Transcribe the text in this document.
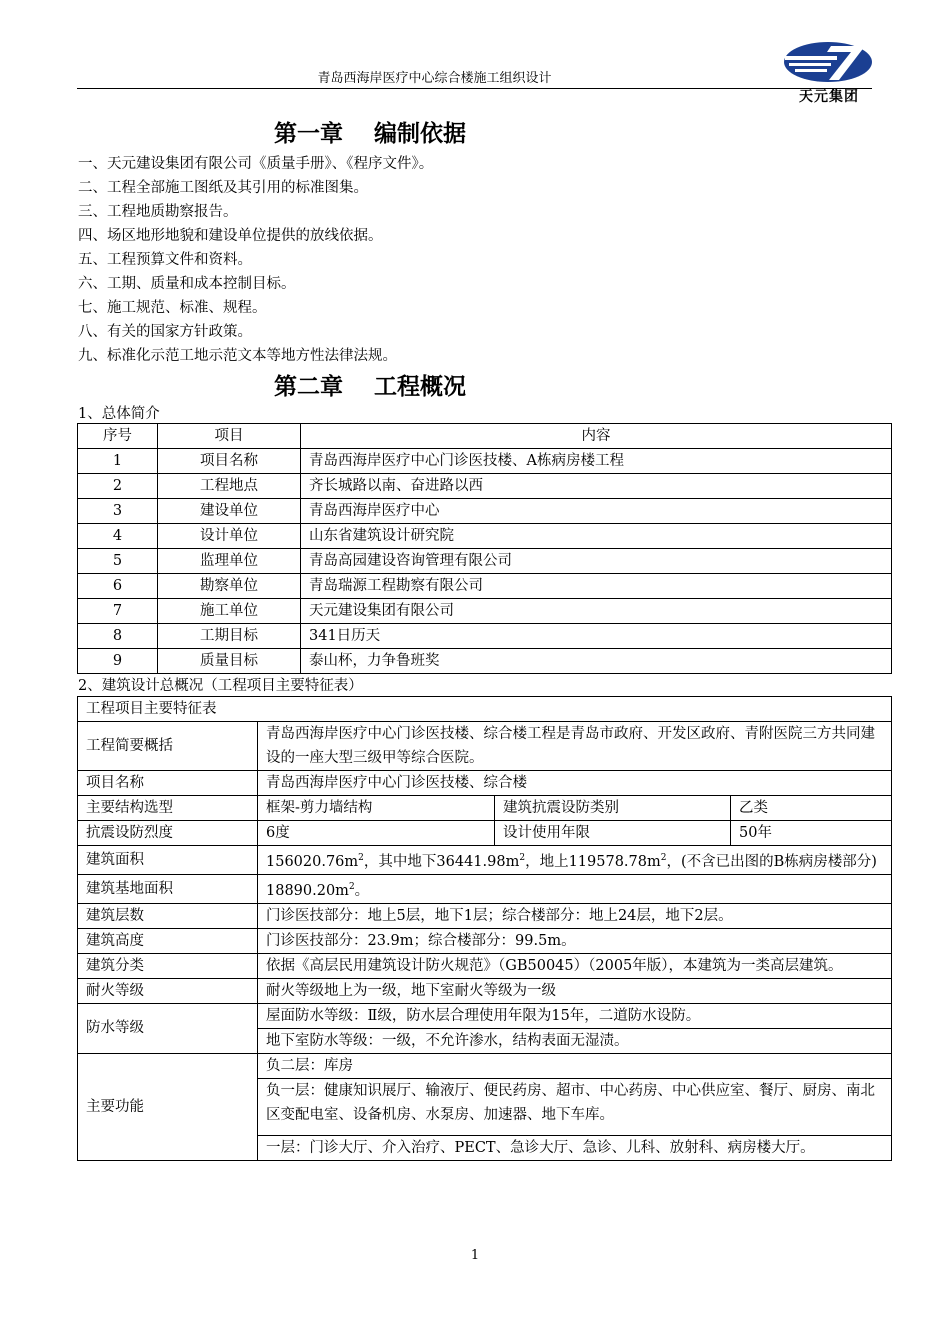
青岛西海岸医疗中心综合楼施工组织设计
天元集团
第一章　 编制依据
一、天元建设集团有限公司《质量手册》、《程序文件》。
二、工程全部施工图纸及其引用的标准图集。
三、工程地质勘察报告。
四、场区地形地貌和建设单位提供的放线依据。
五、工程预算文件和资料。
六、工期、质量和成本控制目标。
七、施工规范、标准、规程。
八、有关的国家方针政策。
九、标准化示范工地示范文本等地方性法律法规。
第二章　 工程概况
1、总体简介
序号	项目	内容
1	项目名称	青岛西海岸医疗中心门诊医技楼、A栋病房楼工程
2	工程地点	齐长城路以南、奋进路以西
3	建设单位	青岛西海岸医疗中心
4	设计单位	山东省建筑设计研究院
5	监理单位	青岛高园建设咨询管理有限公司
6	勘察单位	青岛瑞源工程勘察有限公司
7	施工单位	天元建设集团有限公司
8	工期目标	341日历天
9	质量目标	泰山杯，力争鲁班奖
2、建筑设计总概况（工程项目主要特征表）
工程项目主要特征表			
工程简要概括	青岛西海岸医疗中心门诊医技楼、综合楼工程是青岛市政府、开发区政府、青附医院三方共同建设的一座大型三级甲等综合医院。		
项目名称	青岛西海岸医疗中心门诊医技楼、综合楼		
主要结构选型	框架-剪力墙结构	建筑抗震设防类别	乙类
抗震设防烈度	6度	设计使用年限	50年
建筑面积	$156020.76m^2$，其中地下$36441.98m^2$，地上$119578.78m^2$，(不含已出图的B栋病房楼部分)		
建筑基地面积	$18890.20m^2$。		
建筑层数	门诊医技部分：地上5层，地下1层；综合楼部分：地上24层，地下2层。		
建筑高度	门诊医技部分：23.9m；综合楼部分：99.5m。		
建筑分类	依据《高层民用建筑设计防火规范》（GB50045）（2005年版），本建筑为一类高层建筑。		
耐火等级	耐火等级地上为一级，地下室耐火等级为一级		
防水等级	屋面防水等级：Ⅱ级，防水层合理使用年限为15年，二道防水设防。		
	地下室防水等级：一级，不允许渗水，结构表面无湿渍。		
主要功能	负二层：库房		
	负一层：健康知识展厅、输液厅、便民药房、超市、中心药房、中心供应室、餐厅、厨房、南北区变配电室、设备机房、水泵房、加速器、地下车库。		
	一层：门诊大厅、介入治疗、PECT、急诊大厅、急诊、儿科、放射科、病房楼大厅。		
1
